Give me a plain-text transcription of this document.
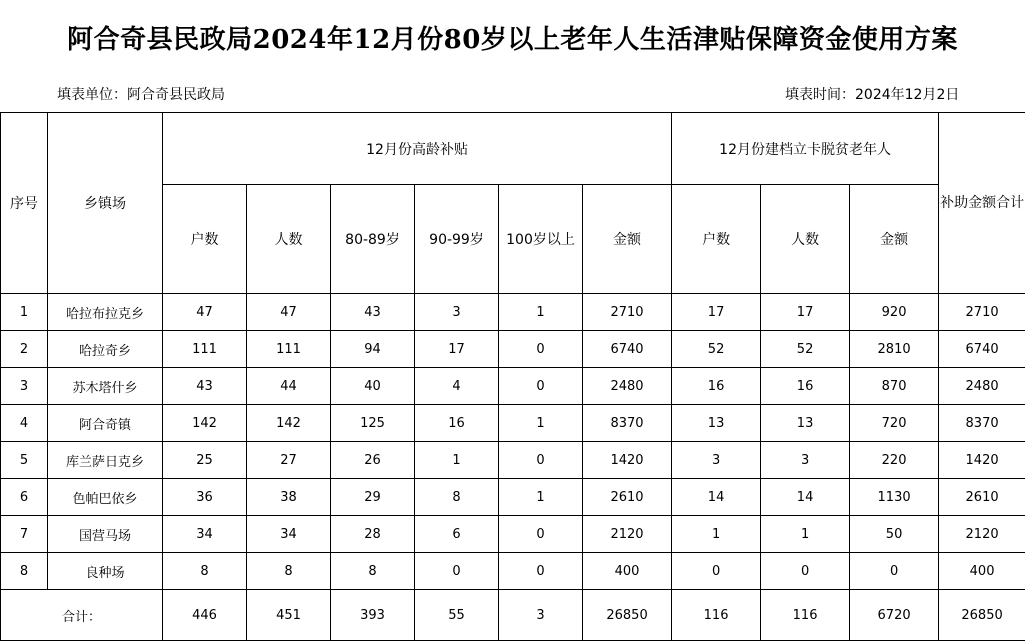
阿合奇县民政局2024年12月份80岁以上老年人生活津贴保障资金使用方案
填表单位：阿合奇县民政局	填表时间：2024年12月2日
序号	乡镇场	12月份高龄补贴						12月份建档立卡脱贫老年人			补助金额合计
		户数	人数	80-89岁	90-99岁	100岁以上	金额	户数	人数	金额	
1	哈拉布拉克乡	47	47	43	3	1	2710	17	17	920	2710
2	哈拉奇乡	111	111	94	17	0	6740	52	52	2810	6740
3	苏木塔什乡	43	44	40	4	0	2480	16	16	870	2480
4	阿合奇镇	142	142	125	16	1	8370	13	13	720	8370
5	库兰萨日克乡	25	27	26	1	0	1420	3	3	220	1420
6	色帕巴依乡	36	38	29	8	1	2610	14	14	1130	2610
7	国营马场	34	34	28	6	0	2120	1	1	50	2120
8	良种场	8	8	8	0	0	400	0	0	0	400
合计：		446	451	393	55	3	26850	116	116	6720	26850
